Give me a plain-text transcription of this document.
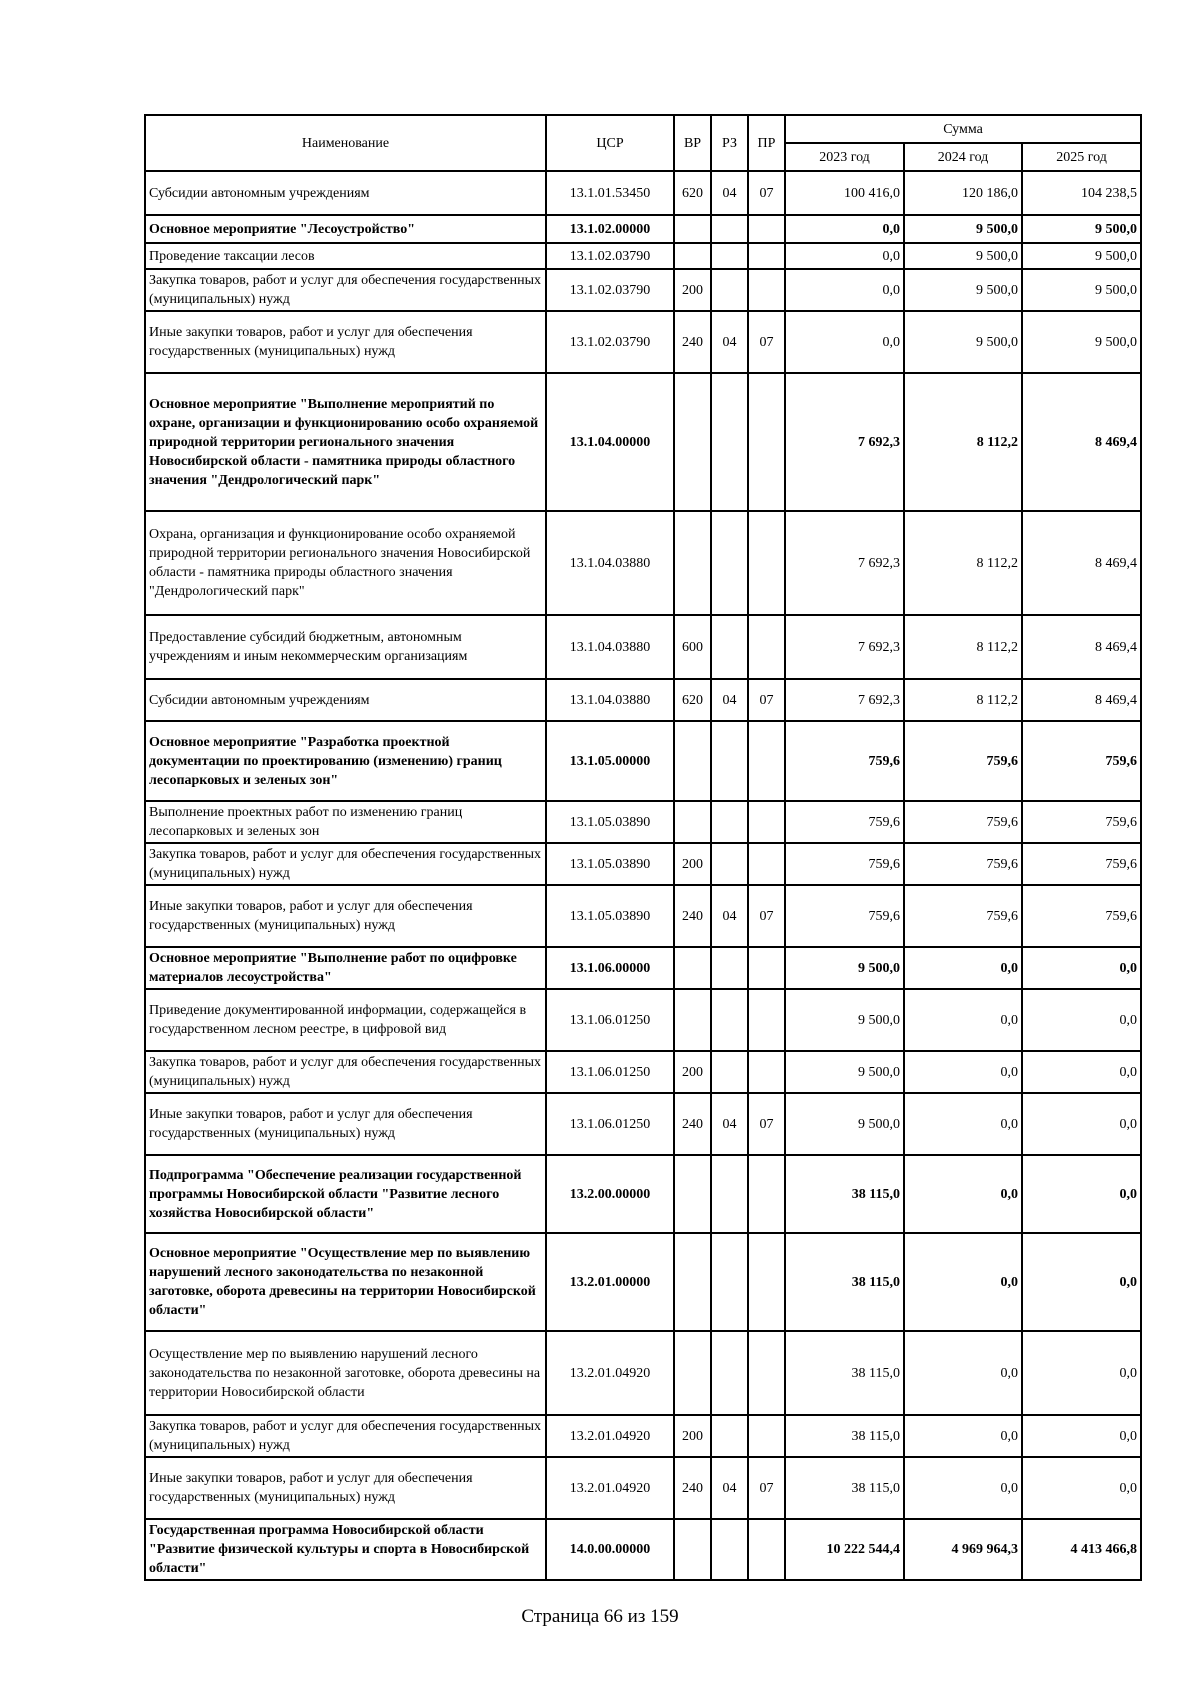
Наименование	ЦСР	ВР	РЗ	ПР	Сумма		
					2023 год	2024 год	2025 год
Субсидии автономным учреждениям	13.1.01.53450	620	04	07	100 416,0	120 186,0	104 238,5
Основное мероприятие "Лесоустройство"	13.1.02.00000				0,0	9 500,0	9 500,0
Проведение таксации лесов	13.1.02.03790				0,0	9 500,0	9 500,0
Закупка товаров, работ и услуг для обеспечения государственных (муниципальных) нужд	13.1.02.03790	200			0,0	9 500,0	9 500,0
Иные закупки товаров, работ и услуг для обеспечения государственных (муниципальных) нужд	13.1.02.03790	240	04	07	0,0	9 500,0	9 500,0
Основное мероприятие "Выполнение мероприятий по охране, организации и функционированию особо охраняемой природной территории регионального значения Новосибирской области - памятника природы областного значения "Дендрологический парк"	13.1.04.00000				7 692,3	8 112,2	8 469,4
Охрана, организация и функционирование особо охраняемой природной территории регионального значения Новосибирской области - памятника природы областного значения "Дендрологический парк"	13.1.04.03880				7 692,3	8 112,2	8 469,4
Предоставление субсидий бюджетным, автономным учреждениям и иным некоммерческим организациям	13.1.04.03880	600			7 692,3	8 112,2	8 469,4
Субсидии автономным учреждениям	13.1.04.03880	620	04	07	7 692,3	8 112,2	8 469,4
Основное мероприятие "Разработка проектной документации по проектированию (изменению) границ лесопарковых и зеленых зон"	13.1.05.00000				759,6	759,6	759,6
Выполнение проектных работ по изменению границ лесопарковых и зеленых зон	13.1.05.03890				759,6	759,6	759,6
Закупка товаров, работ и услуг для обеспечения государственных (муниципальных) нужд	13.1.05.03890	200			759,6	759,6	759,6
Иные закупки товаров, работ и услуг для обеспечения государственных (муниципальных) нужд	13.1.05.03890	240	04	07	759,6	759,6	759,6
Основное мероприятие "Выполнение работ по оцифровке материалов лесоустройства"	13.1.06.00000				9 500,0	0,0	0,0
Приведение документированной информации, содержащейся в государственном лесном реестре, в цифровой вид	13.1.06.01250				9 500,0	0,0	0,0
Закупка товаров, работ и услуг для обеспечения государственных (муниципальных) нужд	13.1.06.01250	200			9 500,0	0,0	0,0
Иные закупки товаров, работ и услуг для обеспечения государственных (муниципальных) нужд	13.1.06.01250	240	04	07	9 500,0	0,0	0,0
Подпрограмма "Обеспечение реализации государственной программы Новосибирской области "Развитие лесного хозяйства Новосибирской области"	13.2.00.00000				38 115,0	0,0	0,0
Основное мероприятие "Осуществление мер по выявлению нарушений лесного законодательства по незаконной заготовке, оборота древесины на территории Новосибирской области"	13.2.01.00000				38 115,0	0,0	0,0
Осуществление мер по выявлению нарушений лесного законодательства по незаконной заготовке, оборота древесины на территории Новосибирской области	13.2.01.04920				38 115,0	0,0	0,0
Закупка товаров, работ и услуг для обеспечения государственных (муниципальных) нужд	13.2.01.04920	200			38 115,0	0,0	0,0
Иные закупки товаров, работ и услуг для обеспечения государственных (муниципальных) нужд	13.2.01.04920	240	04	07	38 115,0	0,0	0,0
Государственная программа Новосибирской области "Развитие физической культуры и спорта в Новосибирской области"	14.0.00.00000				10 222 544,4	4 969 964,3	4 413 466,8
Страница 66 из 159
